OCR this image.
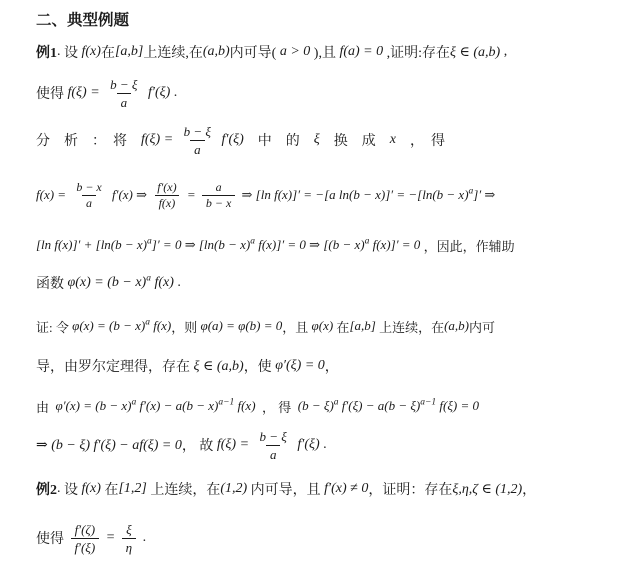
二、典型例题
例1 . 设 f(x) 在 [a,b] 上连续,在 (a,b) 内可导( a > 0 ),且 f(a) = 0 ,证明:存在 ξ ∈ (a,b) ,
使得 $f(\xi) = \frac{b - \xi}{a} f'(\xi)$ .
分　析　：　将　 $f(\xi) = \frac{b - \xi}{a} f'(\xi)$ 　中　的　 ξ 　换　成　 x 　，　得
$f(x) = \frac{b - x}{a} f'(x)$ ⇒ $\frac{f'(x)}{f(x)} = \frac{a}{b - x}$ ⇒ [ln f(x)]′ = −[a $\ln(b - x)]' = -[\ln(b - x)^a$ ]′ ⇒
[ln $f(x)]' + [\ln(b - x)^a$ ]′ = 0 ⇒ [$\ln(b - x)^a$ f(x)]′ = 0 ⇒ [$(b - x)^a$ f(x)]′ = 0 ，因此，作辅助
函数 $\varphi(x) = (b - x)^a$ f(x) .
证: 令 $\varphi(x) = (b - x)^a$ f(x) ，则 φ(a) = φ(b) = 0 ，且 φ(x) 在 [a,b] 上连续，在 (a,b) 内可
导，由罗尔定理得，存在 ξ ∈ (a,b) ，使 φ′(ξ) = 0 ，
由 $\varphi'(x) = (b - x)^a$ $f'(x) - a(b - x)^{a-1}$ f(x) ， 得 $(b - \xi)^a$ $f'(\xi) - a(b - \xi)^{a-1}$ f(ξ) = 0
⇒ (b − ξ) f′(ξ) − af(ξ) = 0 ， 故 $f(\xi) = \frac{b - \xi}{a} f'(\xi)$ .
例2 . 设 f(x) 在 [1,2] 上连续，在 (1,2) 内可导，且 f′(x) ≠ 0 ，证明：存在 ξ,η,ζ ∈ (1,2) ，
使得 $\frac{f'(\zeta)}{f'(\xi)} = \frac{\xi}{\eta}$ .
